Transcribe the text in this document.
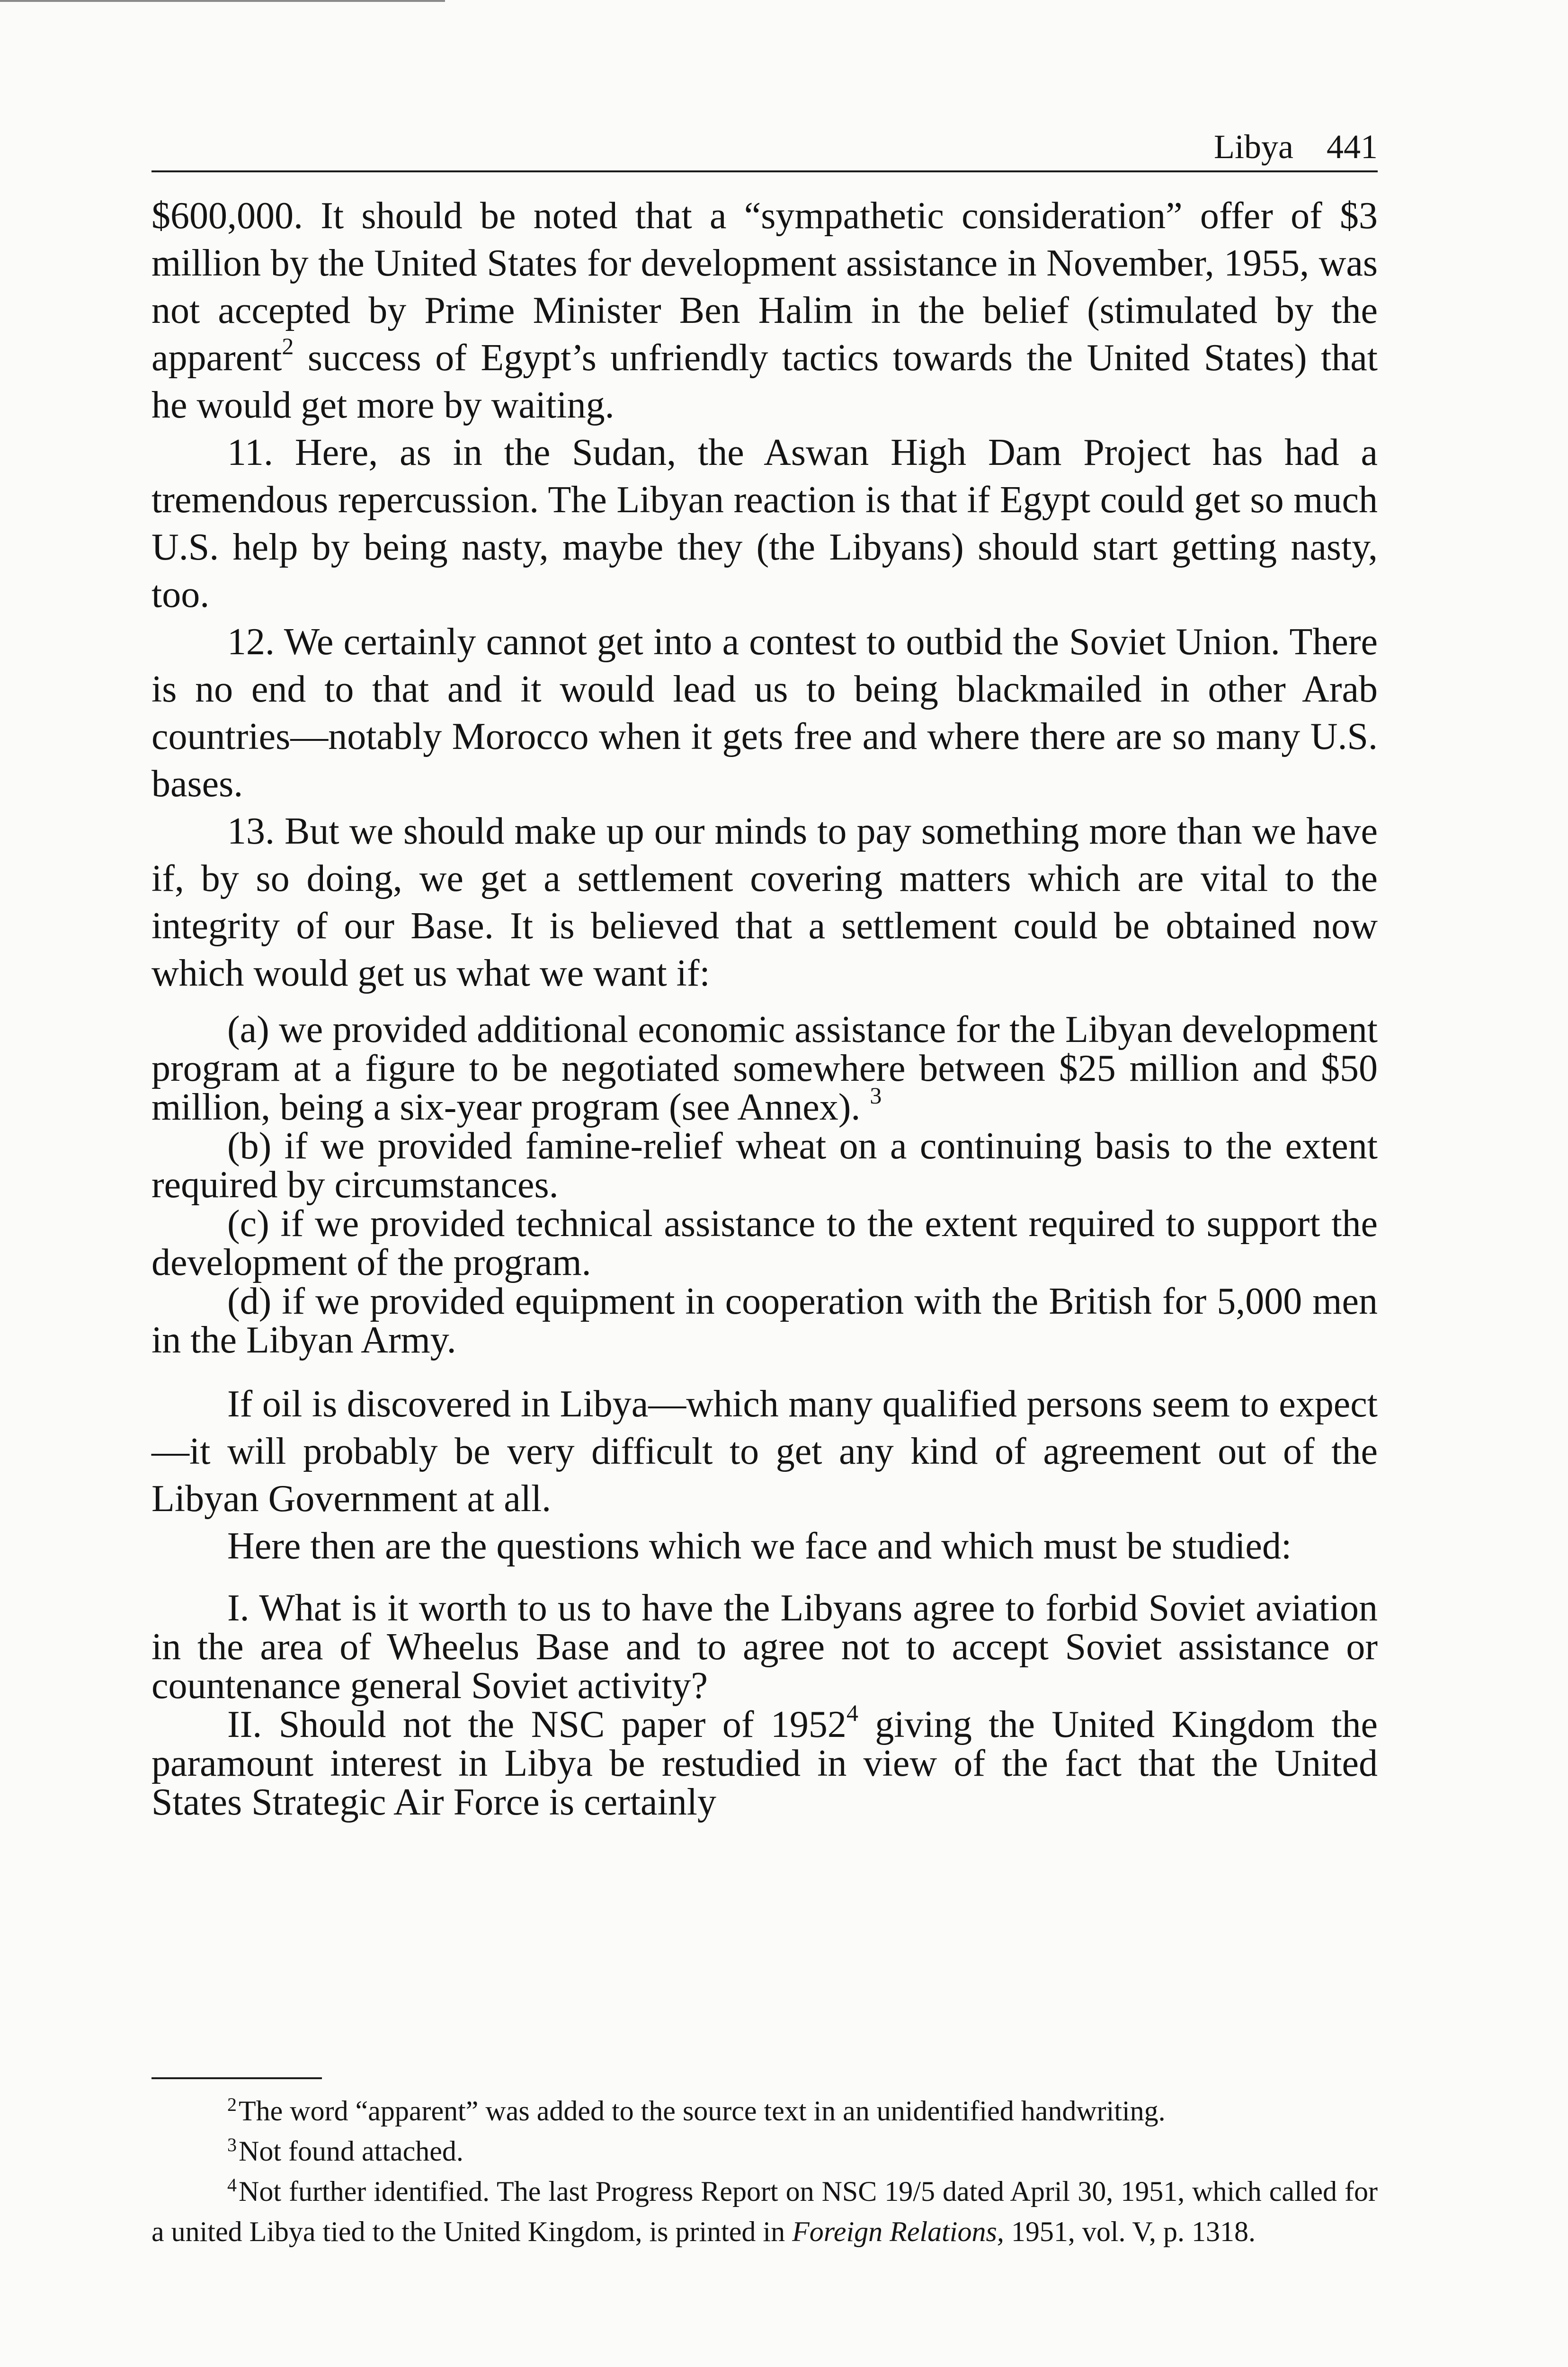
Libya 441

$600,000. It should be noted that a “sympathetic consideration” offer of $3 million by the United States for development assistance in November, 1955, was not accepted by Prime Minister Ben Halim in the belief (stimulated by the apparent$^2$ success of Egypt’s unfriendly tactics towards the United States) that he would get more by waiting.

11. Here, as in the Sudan, the Aswan High Dam Project has had a tremendous repercussion. The Libyan reaction is that if Egypt could get so much U.S. help by being nasty, maybe they (the Libyans) should start getting nasty, too.

12. We certainly cannot get into a contest to outbid the Soviet Union. There is no end to that and it would lead us to being blackmailed in other Arab countries—notably Morocco when it gets free and where there are so many U.S. bases.

13. But we should make up our minds to pay something more than we have if, by so doing, we get a settlement covering matters which are vital to the integrity of our Base. It is believed that a settlement could be obtained now which would get us what we want if:

(a) we provided additional economic assistance for the Libyan development program at a figure to be negotiated somewhere between $25 million and $50 million, being a six-year program (see Annex). $^3$

(b) if we provided famine-relief wheat on a continuing basis to the extent required by circumstances.

(c) if we provided technical assistance to the extent required to support the development of the program.

(d) if we provided equipment in cooperation with the British for 5,000 men in the Libyan Army.

If oil is discovered in Libya—which many qualified persons seem to expect—it will probably be very difficult to get any kind of agreement out of the Libyan Government at all.

Here then are the questions which we face and which must be studied:

I. What is it worth to us to have the Libyans agree to forbid Soviet aviation in the area of Wheelus Base and to agree not to accept Soviet assistance or countenance general Soviet activity?

II. Should not the NSC paper of 1952$^4$ giving the United Kingdom the paramount interest in Libya be restudied in view of the fact that the United States Strategic Air Force is certainly

$^2$The word “apparent” was added to the source text in an unidentified handwriting.

$^3$Not found attached.

$^4$Not further identified. The last Progress Report on NSC 19/5 dated April 30, 1951, which called for a united Libya tied to the United Kingdom, is printed in Foreign Relations, 1951, vol. V, p. 1318.
